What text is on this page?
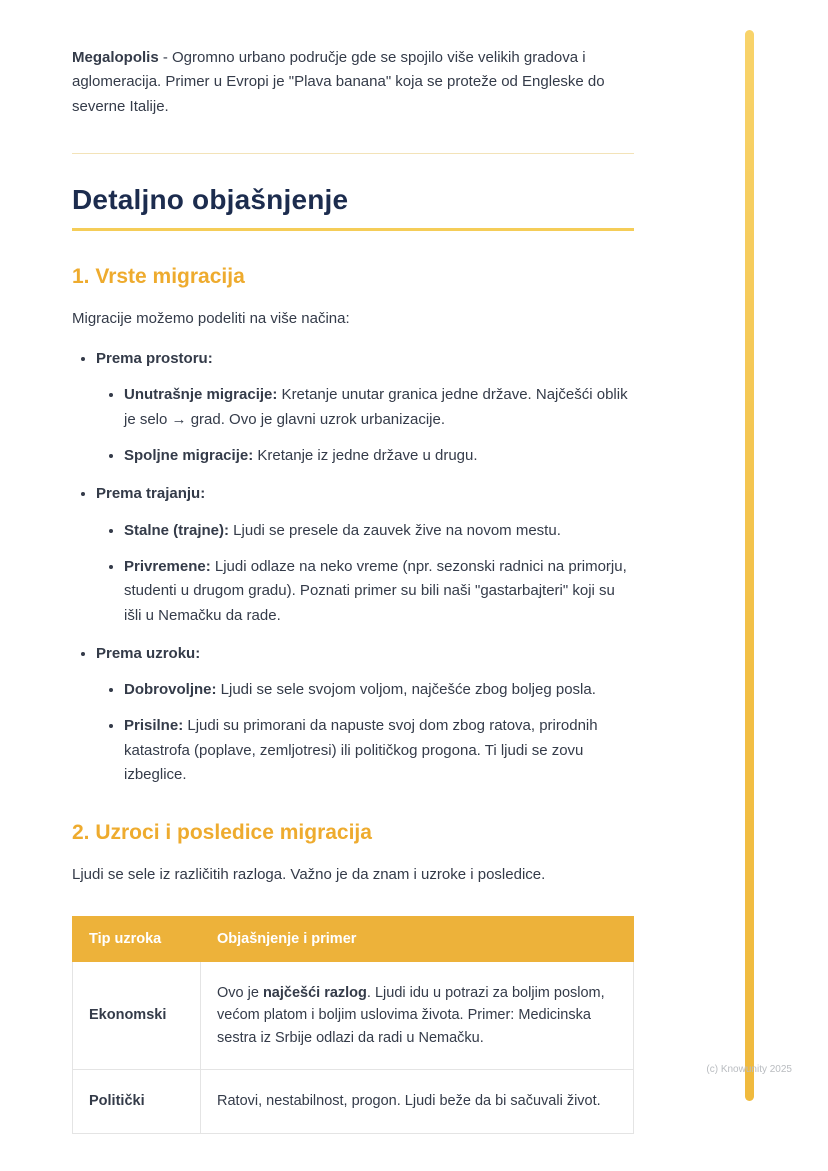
Megalopolis - Ogromno urbano područje gde se spojilo više velikih gradova i aglomeracija. Primer u Evropi je "Plava banana" koja se proteže od Engleske do severne Italije.

Detaljno objašnjenje
1. Vrste migracija

Migracije možemo podeliti na više načina:

• Prema prostoru:
• Unutrašnje migracije: Kretanje unutar granica jedne države. Najčešći oblik je selo → grad. Ovo je glavni uzrok urbanizacije.
• Spoljne migracije: Kretanje iz jedne države u drugu.
• Prema trajanju:
• Stalne (trajne): Ljudi se presele da zauvek žive na novom mestu.
• Privremene: Ljudi odlaze na neko vreme (npr. sezonski radnici na primorju, studenti u drugom gradu). Poznati primer su bili naši "gastarbajteri" koji su išli u Nemačku da rade.
• Prema uzroku:
• Dobrovoljne: Ljudi se sele svojom voljom, najčešće zbog boljeg posla.
• Prisilne: Ljudi su primorani da napuste svoj dom zbog ratova, prirodnih katastrofa (poplave, zemljotresi) ili političkog progona. Ti ljudi se zovu izbeglice.
2. Uzroci i posledice migracija

Ljudi se sele iz različitih razloga. Važno je da znam i uzroke i posledice.

Tip uzroka	Objašnjenje i primer
Ekonomski	Ovo je najčešći razlog. Ljudi idu u potrazi za boljim poslom, većom platom i boljim uslovima života. Primer: Medicinska sestra iz Srbije odlazi da radi u Nemačku.
Politički	Ratovi, nestabilnost, progon. Ljudi beže da bi sačuvali život.
(c) Knowunity 2025
